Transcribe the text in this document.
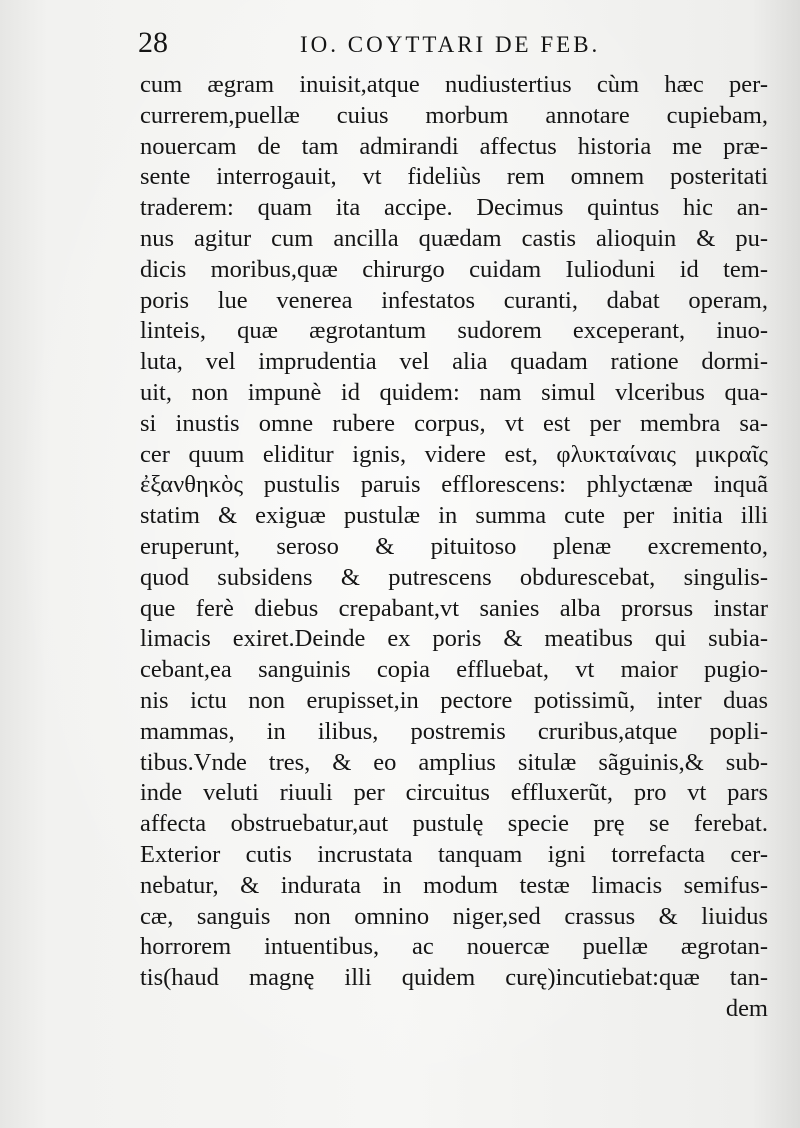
28	IO. COYTTARI DE FEB.
cum ægram inuisit,atque nudiustertius cùm hæc per-
currerem,puellæ cuius morbum annotare cupiebam,
nouercam de tam admirandi affectus historia me præ-
sente interrogauit, vt fideliùs rem omnem posteritati
traderem: quam ita accipe. Decimus quintus hic an-
nus agitur cum ancilla quædam castis alioquin & pu-
dicis moribus,quæ chirurgo cuidam Iulioduni id tem-
poris lue venerea infestatos curanti, dabat operam,
linteis, quæ ægrotantum sudorem exceperant, inuo-
luta, vel imprudentia vel alia quadam ratione dormi-
uit, non impunè id quidem: nam simul vlceribus qua-
si inustis omne rubere corpus, vt est per membra sa-
cer quum eliditur ignis, videre est, φλυκταίναις μικραῖς
ἐξανθηκὸς pustulis paruis efflorescens: phlyctænæ inquã
statim & exiguæ pustulæ in summa cute per initia illi
eruperunt, seroso & pituitoso plenæ excremento,
quod subsidens & putrescens obdurescebat, singulis-
que ferè diebus crepabant,vt sanies alba prorsus instar
limacis exiret.Deinde ex poris & meatibus qui subia-
cebant,ea sanguinis copia effluebat, vt maior pugio-
nis ictu non erupisset,in pectore potissimũ, inter duas
mammas, in ilibus, postremis cruribus,atque popli-
tibus.Vnde tres, & eo amplius situlæ sãguinis,& sub-
inde veluti riuuli per circuitus effluxerũt, pro vt pars
affecta obstruebatur,aut pustulę specie prę se ferebat.
Exterior cutis incrustata tanquam igni torrefacta cer-
nebatur, & indurata in modum testæ limacis semifus-
cæ, sanguis non omnino niger,sed crassus & liuidus
horrorem intuentibus, ac nouercæ puellæ ægrotan-
tis(haud magnę illi quidem curę)incutiebat:quæ tan-
dem
